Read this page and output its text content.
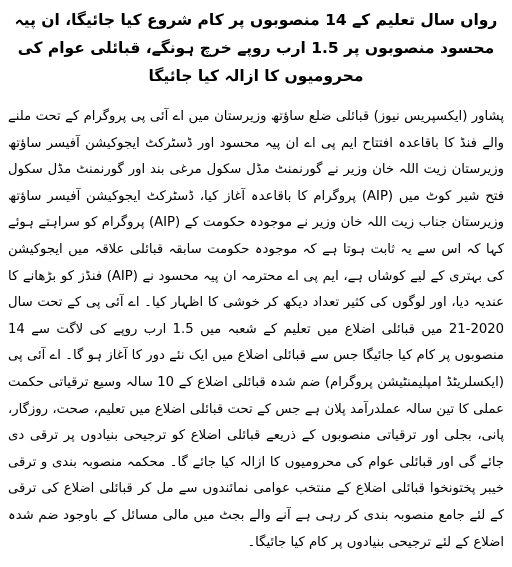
رواں سال تعلیم کے 14 منصوبوں پر کام شروع کیا جائیگا، ان پیہ محسود منصوبوں پر 1.5 ارب روپے خرچ ہونگے، قبائلی عوام کی محرومیوں کا ازالہ کیا جائیگا

پشاور (ایکسپریس نیوز) قبائلی ضلع ساؤتھ وزیرستان میں اے آئی پی پروگرام کے تحت ملنے والے فنڈ کا باقاعدہ افتتاح ایم پی اے ان پیہ محسود اور ڈسٹرکٹ ایجوکیشن آفیسر ساؤتھ وزیرستان زیت اللہ خان وزیر نے گورنمنٹ مڈل سکول مرغی بند اور گورنمنٹ مڈل سکول فتح شیر کوٹ میں (AIP) پروگرام کا باقاعدہ آغاز کیا، ڈسٹرکٹ ایجوکیشن آفیسر ساؤتھ وزیرستان جناب زیت اللہ خان وزیر نے موجودہ حکومت کے (AIP) پروگرام کو سراہتے ہوئے کہا کہ اس سے یہ ثابت ہوتا ہے کہ موجودہ حکومت سابقہ قبائلی علاقہ میں ایجوکیشن کی بہتری کے لیے کوشاں ہے، ایم پی اے محترمہ ان پیہ محسود نے (AIP) فنڈز کو بڑھانے کا عندیہ دیا، اور لوگوں کی کثیر تعداد دیکھ کر خوشی کا اظہار کیا۔ اے آئی پی کے تحت سال 2020-21 میں قبائلی اضلاع میں تعلیم کے شعبہ میں 1.5 ارب روپے کی لاگت سے 14 منصوبوں پر کام کیا جائیگا جس سے قبائلی اضلاع میں ایک نئے دور کا آغاز ہو گا۔ اے آئی پی (ایکسلریٹڈ امپلیمنٹیشن پروگرام) ضم شدہ قبائلی اضلاع کے 10 سالہ وسیع ترقیاتی حکمت عملی کا تین سالہ عملدرآمد پلان ہے جس کے تحت قبائلی اضلاع میں تعلیم، صحت، روزگار، پانی، بجلی اور ترقیاتی منصوبوں کے ذریعے قبائلی اضلاع کو ترجیحی بنیادوں پر ترقی دی جائے گی اور قبائلی عوام کی محرومیوں کا ازالہ کیا جائے گا۔ محکمہ منصوبہ بندی و ترقی خیبر پختونخوا قبائلی اضلاع کے منتخب عوامی نمائندوں سے مل کر قبائلی اضلاع کی ترقی کے لئے جامع منصوبہ بندی کر رہی ہے آنے والے بجٹ میں مالی مسائل کے باوجود ضم شدہ اضلاع کے لئے ترجیحی بنیادوں پر کام کیا جائیگا۔
